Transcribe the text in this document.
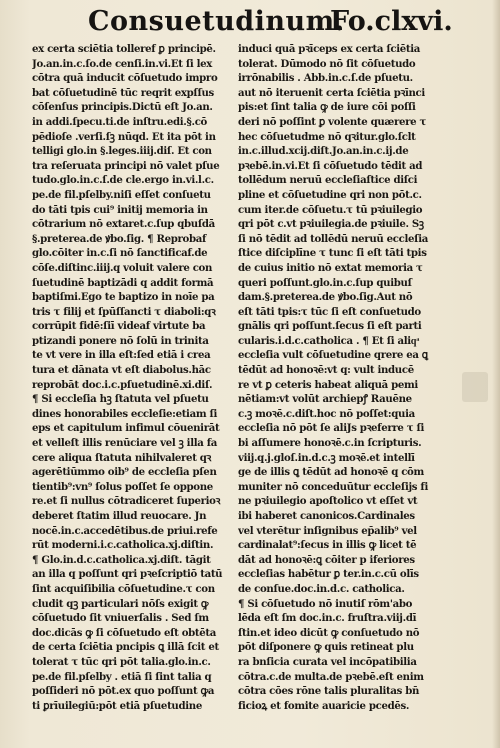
Consuetudinum.
Fo.clxvi.
ex certa sciētia tolleref ꝑ principē.
Jo.an.in.c.ſo.de cenſi.in.vi.Et ſi lex
cōtra quā inducit cōſuetudo impro
bat cōſuetudinē tūc reqrit expſſus
cōſenſus principis.Dictū eſt Jo.an.
in addi.ſpecu.ti.de inſtru.edi.§.cō
pēdioſe .verſi.ſꝫ nūqd. Et ita pōt in
telligi glo.in §.leges.iiij.diſ. Et con
tra reſeruata principi nō valet pſue
tudo.glo.in.c.ſ.de cle.ergo in.vi.l.c.
pe.de fil.pſelby.niſi eſſet conſuetu
do tāti tpis cui⁹ initij memoria in
cōtrarium nō extaret.c.ſup qbuſdā
§.preterea.de ꝟbo.ſig. ¶ Reprobaf
glo.cōiter in.c.ſi nō ſanctificaf.de
cōſe.diſtinc.iiij.q voluit valere con
ſuetudinē baptizādi q addit formā
baptiſmi.Ego te baptizo in noīe pa
tris τ filij et ſpūſſancti τ diaboli:qꝛ
corrūpit fidē:ſiī videaf virtute ba
ptizandi ponere nō ſolū in trinita
te vt vere in illa eſt:ſed etiā i crea
tura et dānata vt eſt diabolus.hāc
reprobāt doc.i.c.pſuetudinē.xi.diſ.
¶ Si eccleſia hꝫ ſtatuta vel pſuetu
dines honorabiles eccleſie:etiam ſi
eps et capitulum infimul cōuenirāt
et velleſt illis renūciare vel ꝫ illa fa
cere aliqua ſtatuta nihilvaleret qꝛ
agerētiūmmo oib⁹ de eccleſia pſen
tientib⁹:vn⁹ ſolus poſſet ſe oppone
re.et ſi nullus cōtradiceret ſuperioꝛ
deberet ſtatim illud reuocare. Jn
nocē.in.c.accedētibus.de priui.refe
rūt moderni.i.c.catholica.xj.diſtin.
¶ Glo.in.d.c.catholica.xj.diſt. tāgit
an illa q poſſunt qri pꝛeſcriptiō tatū
ſint acquiſibilia cōſuetudine.τ con
cludit qꝫ particulari nōſs exigit ꝙ
cōſuetudo ſit vniuerſalis . Sed ſm
doc.dicās ꝙ ſi cōſuetudo eſt obtēta
de certa ſciētia pncipis ꝗ illā ſcit et
tolerat τ tūc qri pōt talia.glo.in.c.
pe.de fil.pſelby . etiā ſi ſint talia q
poſſideri nō pōt.ex quo poſſunt ꝙa
ti ꝑrīuilegiū:pōt etiā pſuetudine
induci quā pꝛīceps ex certa ſciētia
tolerat. Dūmodo nō ſit cōſuetudo
irrōnabilis . Abb.in.c.ſ.de pſuetu.
aut nō iteruenit certa ſciētia pꝛīnci
pis:et ſint talia ꝙ de iure cōi poſſi
deri nō poſſint ꝑ volente quærere τ
hec cōſuetudme nō qꝛitur.glo.ſclt
in.c.illud.xcij.diſt.Jo.an.in.c.ij.de
pꝛebē.in.vi.Et ſi cōſuetudo tēdit ad
tollēdum neruū eccleſiaſtice diſci
pline et cōſuetudine qri non pōt.c.
cum iter.de cōſuetu.τ tū pꝛiuilegio
qri pōt c.vt pꝛiuilegia.de pꝛiuile. Sꝫ
ſi nō tēdit ad tollēdū neruū eccleſia
ſtice diſciplīne τ tunc ſi eſt tāti tpis
de cuius initio nō extat memoria τ
queri poſſunt.glo.in.c.ſup quibuſ
dam.§.preterea.de ꝟbo.ſig.Aut nō
eſt tāti tpis:τ tūc ſi eſt conſuetudo
gnālis qri poſſunt.ſecus ſi eſt parti
cularis.i.d.c.catholica . ¶ Et ſi aliqͣ
eccleſia vult cōſuetudine qrere ea ꝗ
tēdūt ad honoꝛē:vt q: vult inducē
re vt ꝑ ceteris habeat aliquā pemi
nētiam:vt volūt archiepꝭ Rauēne
c.ꝫ moꝛē.c.diſt.hoc nō poſſet:quia
eccleſia nō pōt ſe aliJs pꝛeferre τ ſi
bi aſſumere honoꝛē.c.in ſcripturis.
viij.q.j.gloſ.in.d.c.ꝫ moꝛē.et intellī
ge de illis ꝗ tēdūt ad honoꝛē q cōm
muniter nō conceduūtur eccleſijs fi
ne pꝛiuilegio apoſtolico vt eſſet vt
ibi haberet canonicos.Cardinales
vel vterētur inſignibus ep̄alib⁹ vel
cardinalat⁹:ſecus in illis ꝙ licet tē
dāt ad honoꝛē:ꝗ cōiter p iferiores
eccleſias habētur ꝑ ter.in.c.cū olīs
de conſue.doc.in.d.c. catholica.
¶ Si cōſuetudo nō inutiſ rōm'abo
lēda eſt ſm doc.in.c. fruſtra.viij.dī
ſtin.et ideo dicūt ꝙ conſuetudo nō
pōt diſponere ꝙ quis retineat plu
ra bnſicia curata vel incōpatibilia
cōtra.c.de multa.de pꝛebē.eſt enim
cōtra cōes rōne talis pluralitas bn̄
ficioꝝ et fomite auaricie pcedēs.
